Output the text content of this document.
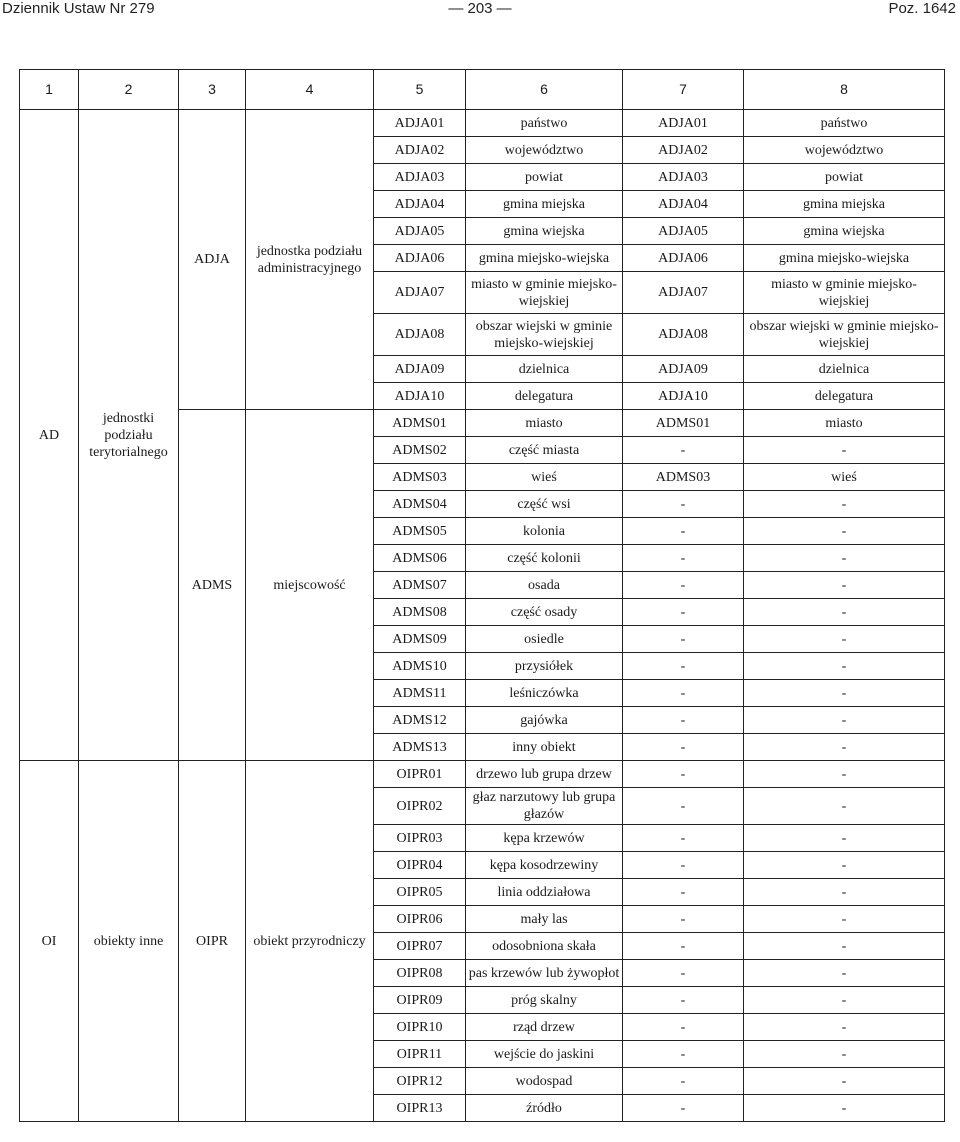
— 203 —
Dziennik Ustaw Nr 279	Poz. 1642
1	2	3	4	5	6	7	8
AD	jednostki podziału terytorialnego	ADJA	jednostka podziału administracyjnego	ADJA01	państwo	ADJA01	państwo
				ADJA02	województwo	ADJA02	województwo
				ADJA03	powiat	ADJA03	powiat
				ADJA04	gmina miejska	ADJA04	gmina miejska
				ADJA05	gmina wiejska	ADJA05	gmina wiejska
				ADJA06	gmina miejsko-wiejska	ADJA06	gmina miejsko-wiejska
				ADJA07	miasto w gminie miejsko-wiejskiej	ADJA07	miasto w gminie miejsko-wiejskiej
				ADJA08	obszar wiejski w gminie miejsko-wiejskiej	ADJA08	obszar wiejski w gminie miejsko-wiejskiej
				ADJA09	dzielnica	ADJA09	dzielnica
				ADJA10	delegatura	ADJA10	delegatura
		ADMS	miejscowość	ADMS01	miasto	ADMS01	miasto
				ADMS02	część miasta	-	-
				ADMS03	wieś	ADMS03	wieś
				ADMS04	część wsi	-	-
				ADMS05	kolonia	-	-
				ADMS06	część kolonii	-	-
				ADMS07	osada	-	-
				ADMS08	część osady	-	-
				ADMS09	osiedle	-	-
				ADMS10	przysiółek	-	-
				ADMS11	leśniczówka	-	-
				ADMS12	gajówka	-	-
				ADMS13	inny obiekt	-	-
OI	obiekty inne	OIPR	obiekt przyrodniczy	OIPR01	drzewo lub grupa drzew	-	-
				OIPR02	głaz narzutowy lub grupa głazów	-	-
				OIPR03	kępa krzewów	-	-
				OIPR04	kępa kosodrzewiny	-	-
				OIPR05	linia oddziałowa	-	-
				OIPR06	mały las	-	-
				OIPR07	odosobniona skała	-	-
				OIPR08	pas krzewów lub żywopłot	-	-
				OIPR09	próg skalny	-	-
				OIPR10	rząd drzew	-	-
				OIPR11	wejście do jaskini	-	-
				OIPR12	wodospad	-	-
				OIPR13	źródło	-	-
